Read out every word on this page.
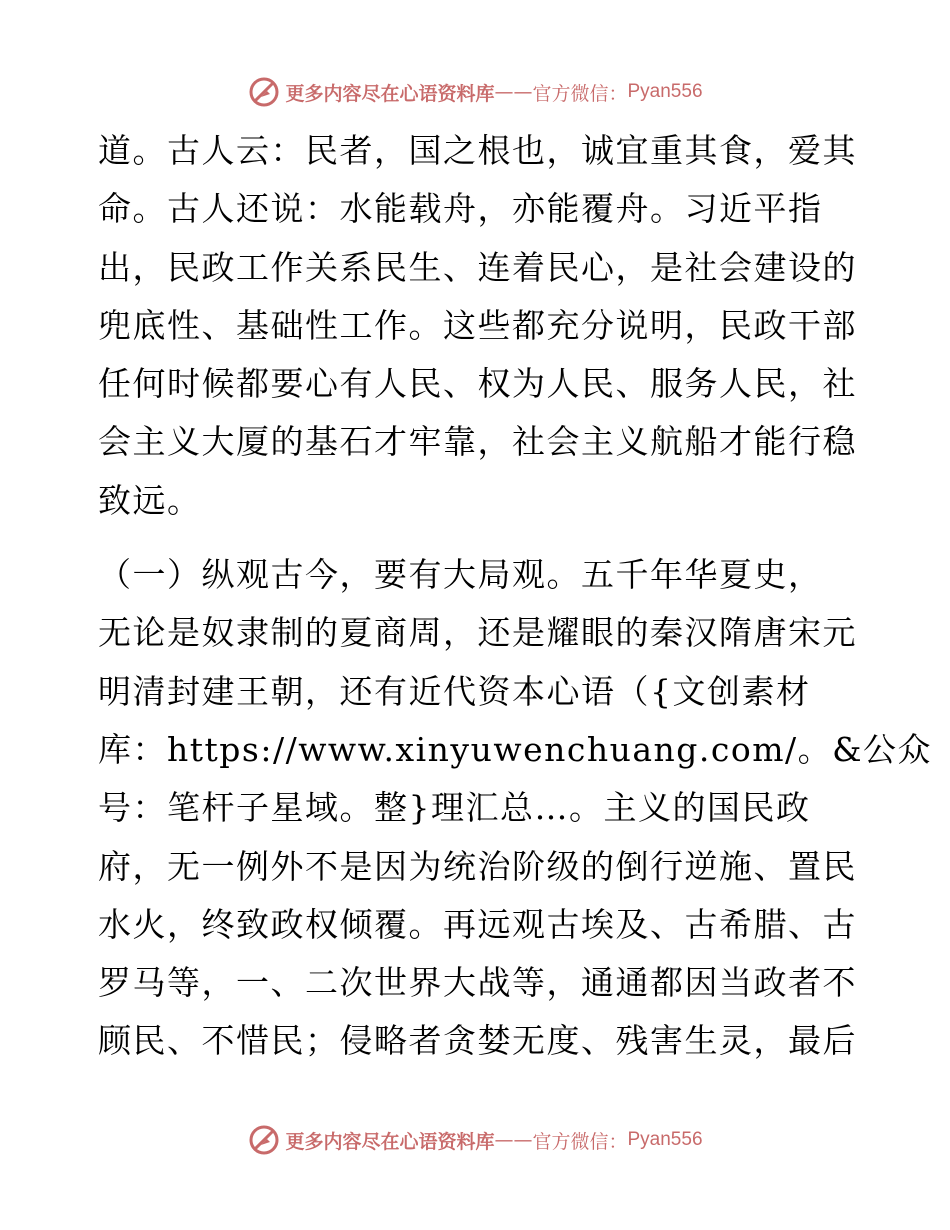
更多内容尽在心语资料库 —— 官方微信： Pyan556
道。古人云：民者，国之根也，诚宜重其食，爱其
命。古人还说：水能载舟，亦能覆舟。习近平指
出，民政工作关系民生、连着民心，是社会建设的
兜底性、基础性工作。这些都充分说明，民政干部
任何时候都要心有人民、权为人民、服务人民，社
会主义大厦的基石才牢靠，社会主义航船才能行稳
致远。
（一）纵观古今，要有大局观。五千年华夏史，
无论是奴隶制的夏商周，还是耀眼的秦汉隋唐宋元
明清封建王朝，还有近代资本心语（{文创素材
库：https://www.xinyuwenchuang.com/。&公众
号：笔杆子星域。整}理汇总…。主义的国民政
府，无一例外不是因为统治阶级的倒行逆施、置民
水火，终致政权倾覆。再远观古埃及、古希腊、古
罗马等，一、二次世界大战等，通通都因当政者不
顾民、不惜民；侵略者贪婪无度、残害生灵，最后
更多内容尽在心语资料库 —— 官方微信： Pyan556
